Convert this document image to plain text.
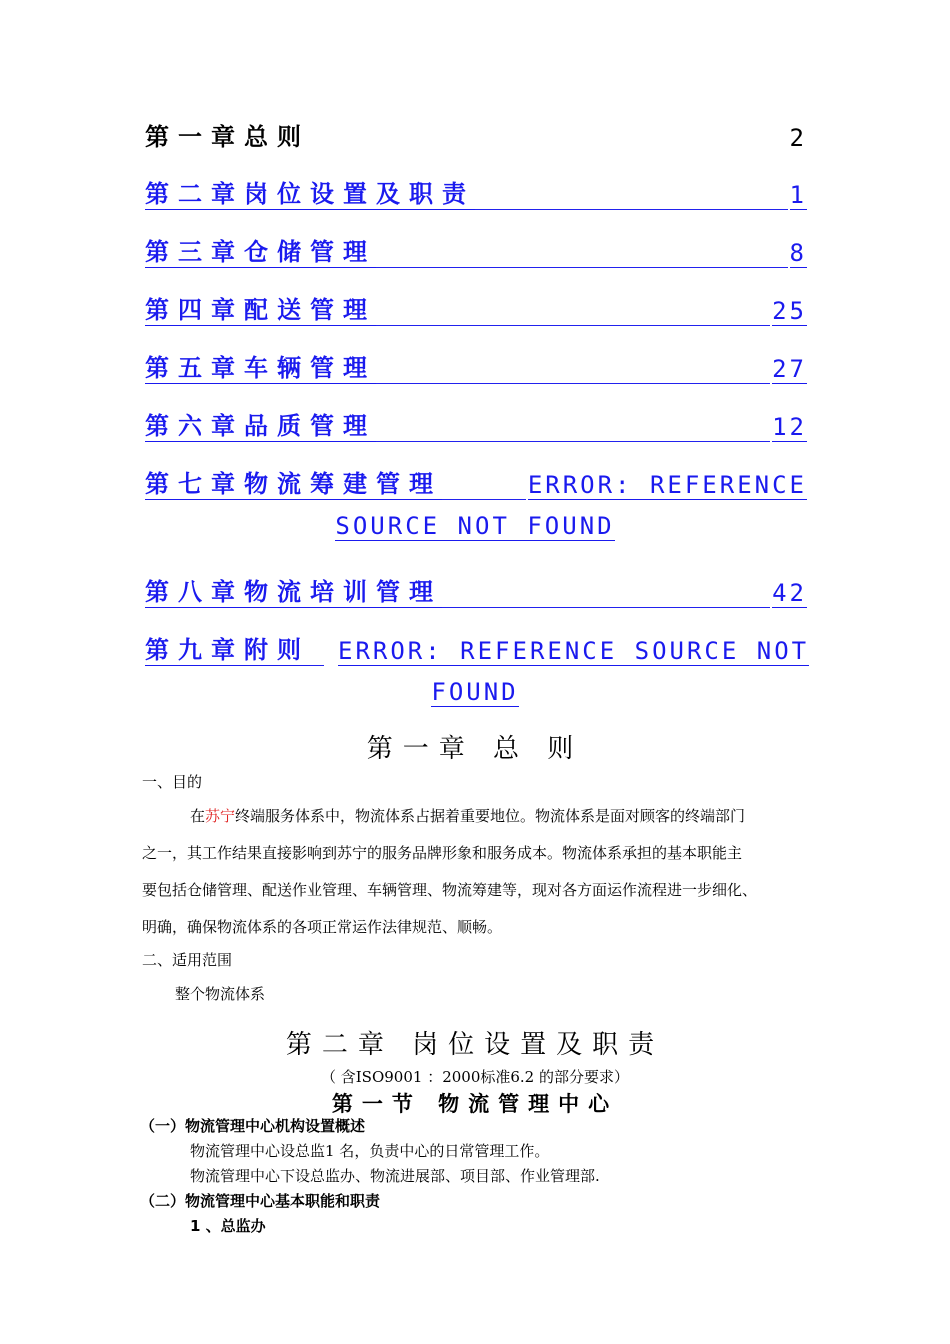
第一章总则	2
第二章岗位设置及职责	1
第三章仓储管理	8
第四章配送管理	25
第五章车辆管理	27
第六章品质管理	12
第七章物流筹建管理	ERROR: REFERENCE
SOURCE NOT FOUND
第八章物流培训管理	42
第九章附则 ERROR: REFERENCE SOURCE NOT
FOUND
第一章 总 则
一、目的
在苏宁终端服务体系中，物流体系占据着重要地位。物流体系是面对顾客的终端部门
之一，其工作结果直接影响到苏宁的服务品牌形象和服务成本。物流体系承担的基本职能主
要包括仓储管理、配送作业管理、车辆管理、物流筹建等，现对各方面运作流程进一步细化、
明确，确保物流体系的各项正常运作法律规范、顺畅。
二、适用范围
整个物流体系
第二章 岗位设置及职责
（ 含ISO9001 ：2000标准6.2 的部分要求）
第一节 物流管理中心
（一）物流管理中心机构设置概述
物流管理中心设总监1 名，负责中心的日常管理工作。
物流管理中心下设总监办、物流进展部、项目部、作业管理部.
（二）物流管理中心基本职能和职责
1 、总监办
